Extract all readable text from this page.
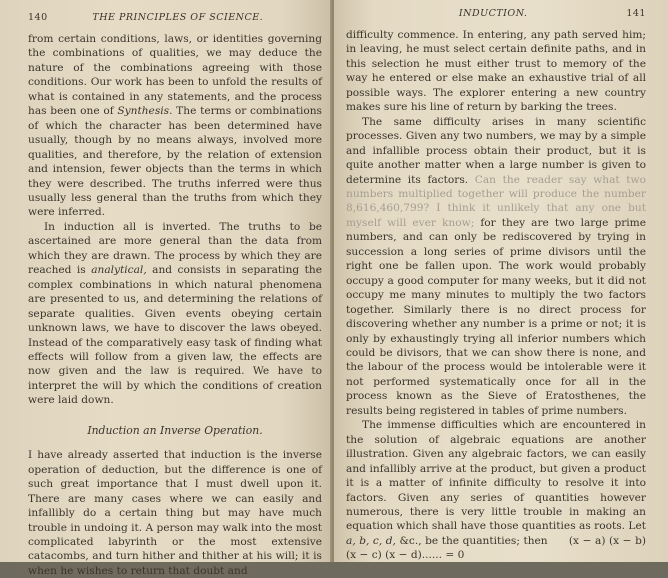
140	THE PRINCIPLES OF SCIENCE.

from certain conditions, laws, or identities governing the combinations of qualities, we may deduce the nature of the combinations agreeing with those conditions. Our work has been to unfold the results of what is contained in any statements, and the process has been one of Synthesis. The terms or combinations of which the character has been determined have usually, though by no means always, involved more qualities, and therefore, by the relation of extension and intension, fewer objects than the terms in which they were described. The truths inferred were thus usually less general than the truths from which they were inferred.

In induction all is inverted. The truths to be ascertained are more general than the data from which they are drawn. The process by which they are reached is analytical, and consists in separating the complex combinations in which natural phenomena are presented to us, and determining the relations of separate qualities. Given events obeying certain unknown laws, we have to discover the laws obeyed. Instead of the comparatively easy task of finding what effects will follow from a given law, the effects are now given and the law is required. We have to interpret the will by which the conditions of creation were laid down.

Induction an Inverse Operation.

I have already asserted that induction is the inverse operation of deduction, but the difference is one of such great importance that I must dwell upon it. There are many cases where we can easily and infallibly do a certain thing but may have much trouble in undoing it. A person may walk into the most complicated labyrinth or the most extensive catacombs, and turn hither and thither at his will; it is when he wishes to return that doubt and

INDUCTION.	141

difficulty commence. In entering, any path served him; in leaving, he must select certain definite paths, and in this selection he must either trust to memory of the way he entered or else make an exhaustive trial of all possible ways. The explorer entering a new country makes sure his line of return by barking the trees.

The same difficulty arises in many scientific processes. Given any two numbers, we may by a simple and infallible process obtain their product, but it is quite another matter when a large number is given to determine its factors. Can the reader say what two numbers multiplied together will produce the number 8,616,460,799? I think it unlikely that any one but myself will ever know; for they are two large prime numbers, and can only be rediscovered by trying in succession a long series of prime divisors until the right one be fallen upon. The work would probably occupy a good computer for many weeks, but it did not occupy me many minutes to multiply the two factors together. Similarly there is no direct process for discovering whether any number is a prime or not; it is only by exhaustingly trying all inferior numbers which could be divisors, that we can show there is none, and the labour of the process would be intolerable were it not performed systematically once for all in the process known as the Sieve of Eratosthenes, the results being registered in tables of prime numbers.

The immense difficulties which are encountered in the solution of algebraic equations are another illustration. Given any algebraic factors, we can easily and infallibly arrive at the product, but given a product it is a matter of infinite difficulty to resolve it into factors. Given any series of quantities however numerous, there is very little trouble in making an equation which shall have those quantities as roots. Let a, b, c, d, &c., be the quantities; then (x − a) (x − b) (x − c) (x − d)...... = 0
